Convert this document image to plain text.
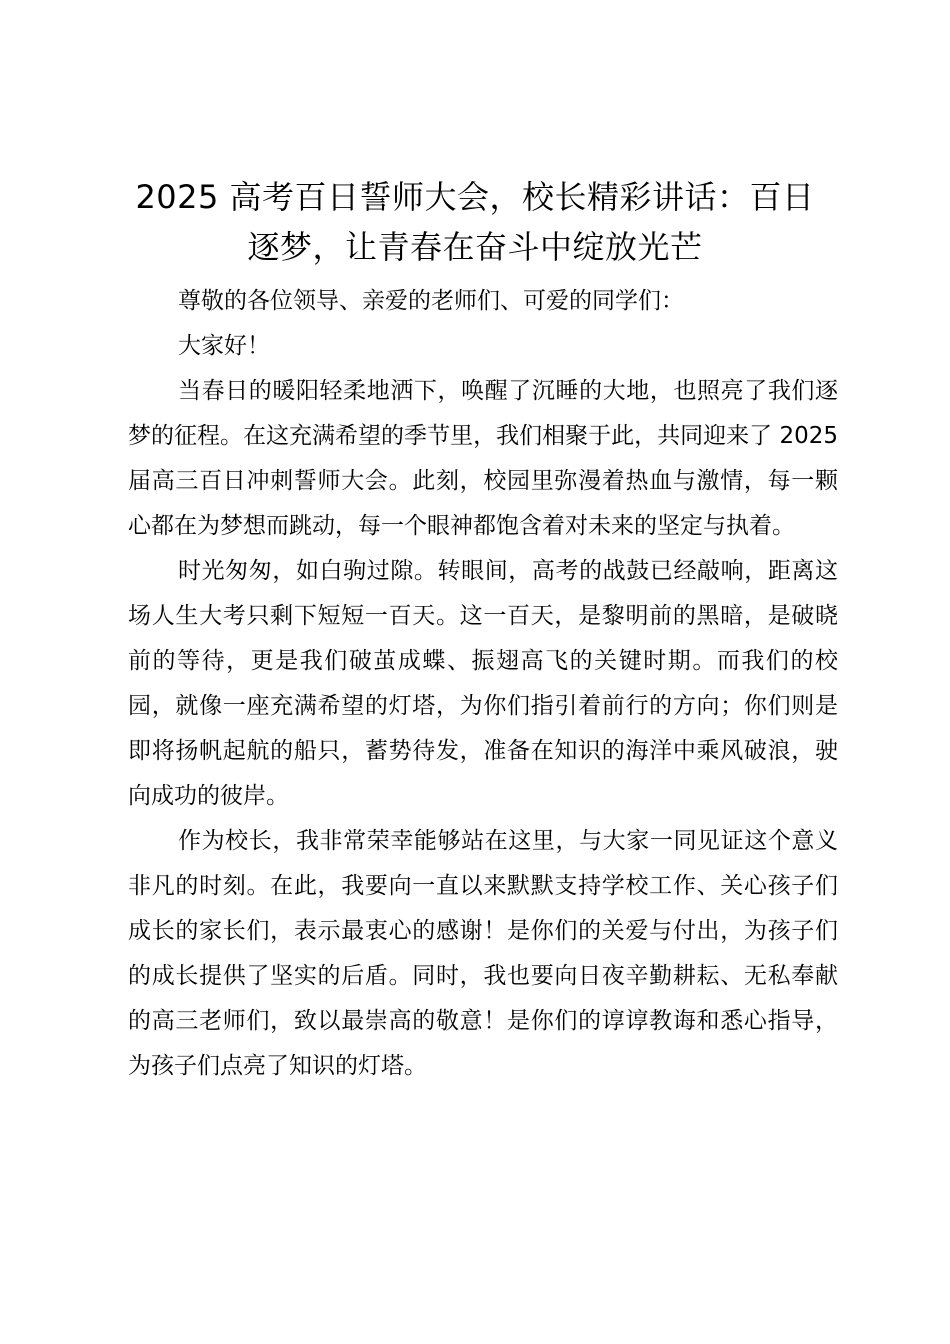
2025 高考百日誓师大会，校长精彩讲话：百日逐梦，让青春在奋斗中绽放光芒

尊敬的各位领导、亲爱的老师们、可爱的同学们：

大家好！

当春日的暖阳轻柔地洒下，唤醒了沉睡的大地，也照亮了我们逐梦的征程。在这充满希望的季节里，我们相聚于此，共同迎来了 2025 届高三百日冲刺誓师大会。此刻，校园里弥漫着热血与激情，每一颗心都在为梦想而跳动，每一个眼神都饱含着对未来的坚定与执着。

时光匆匆，如白驹过隙。转眼间，高考的战鼓已经敲响，距离这场人生大考只剩下短短一百天。这一百天，是黎明前的黑暗，是破晓前的等待，更是我们破茧成蝶、振翅高飞的关键时期。而我们的校园，就像一座充满希望的灯塔，为你们指引着前行的方向；你们则是即将扬帆起航的船只，蓄势待发，准备在知识的海洋中乘风破浪，驶向成功的彼岸。

作为校长，我非常荣幸能够站在这里，与大家一同见证这个意义非凡的时刻。在此，我要向一直以来默默支持学校工作、关心孩子们成长的家长们，表示最衷心的感谢！是你们的关爱与付出，为孩子们的成长提供了坚实的后盾。同时，我也要向日夜辛勤耕耘、无私奉献的高三老师们，致以最崇高的敬意！是你们的谆谆教诲和悉心指导，为孩子们点亮了知识的灯塔。
